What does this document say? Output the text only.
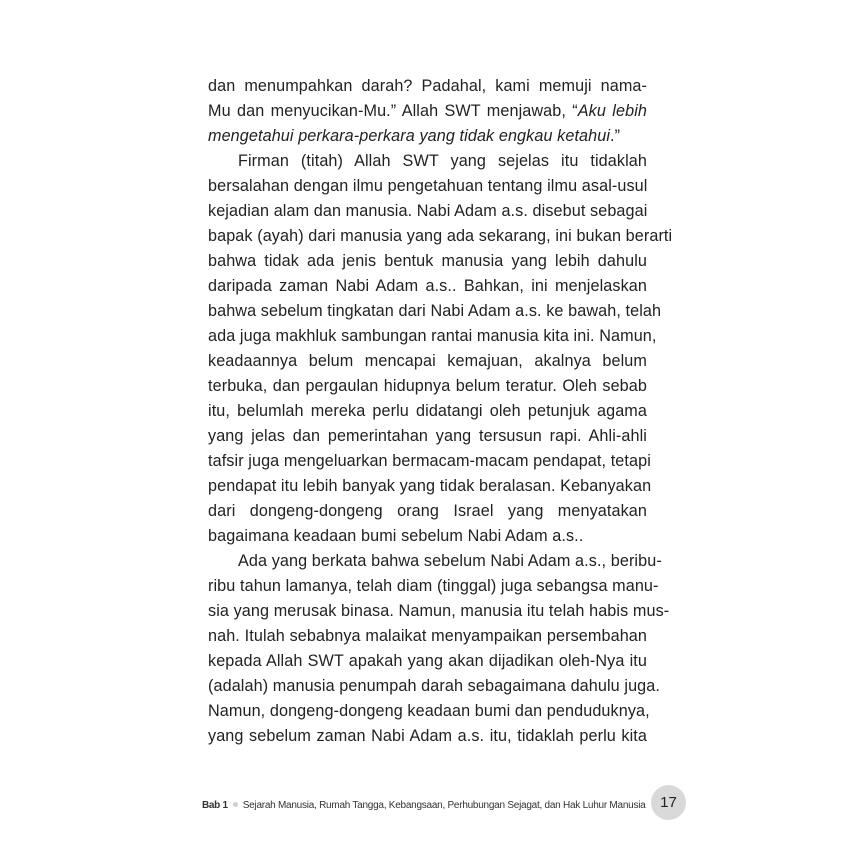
dan menumpahkan darah? Padahal, kami memuji nama-
Mu dan menyucikan-Mu.” Allah SWT menjawab, “Aku lebih
mengetahui perkara-perkara yang tidak engkau ketahui.”
Firman (titah) Allah SWT yang sejelas itu tidaklah
bersalahan dengan ilmu pengetahuan tentang ilmu asal-usul
kejadian alam dan manusia. Nabi Adam a.s. disebut sebagai
bapak (ayah) dari manusia yang ada sekarang, ini bukan berarti
bahwa tidak ada jenis bentuk manusia yang lebih dahulu
daripada zaman Nabi Adam a.s.. Bahkan, ini menjelaskan
bahwa sebelum tingkatan dari Nabi Adam a.s. ke bawah, telah
ada juga makhluk sambungan rantai manusia kita ini. Namun,
keadaannya belum mencapai kemajuan, akalnya belum
terbuka, dan pergaulan hidupnya belum teratur. Oleh sebab
itu, belumlah mereka perlu didatangi oleh petunjuk agama
yang jelas dan pemerintahan yang tersusun rapi. Ahli-ahli
tafsir juga mengeluarkan bermacam-macam pendapat, tetapi
pendapat itu lebih banyak yang tidak beralasan. Kebanyakan
dari dongeng-dongeng orang Israel yang menyatakan
bagaimana keadaan bumi sebelum Nabi Adam a.s..
Ada yang berkata bahwa sebelum Nabi Adam a.s., beribu-
ribu tahun lamanya, telah diam (tinggal) juga sebangsa manu-
sia yang merusak binasa. Namun, manusia itu telah habis mus-
nah. Itulah sebabnya malaikat menyampaikan persembahan
kepada Allah SWT apakah yang akan dijadikan oleh-Nya itu
(adalah) manusia penumpah darah sebagaimana dahulu juga.
Namun, dongeng-dongeng keadaan bumi dan penduduknya,
yang sebelum zaman Nabi Adam a.s. itu, tidaklah perlu kita
Bab 1 Sejarah Manusia, Rumah Tangga, Kebangsaan, Perhubungan Sejagat, dan Hak Luhur Manusia 17
